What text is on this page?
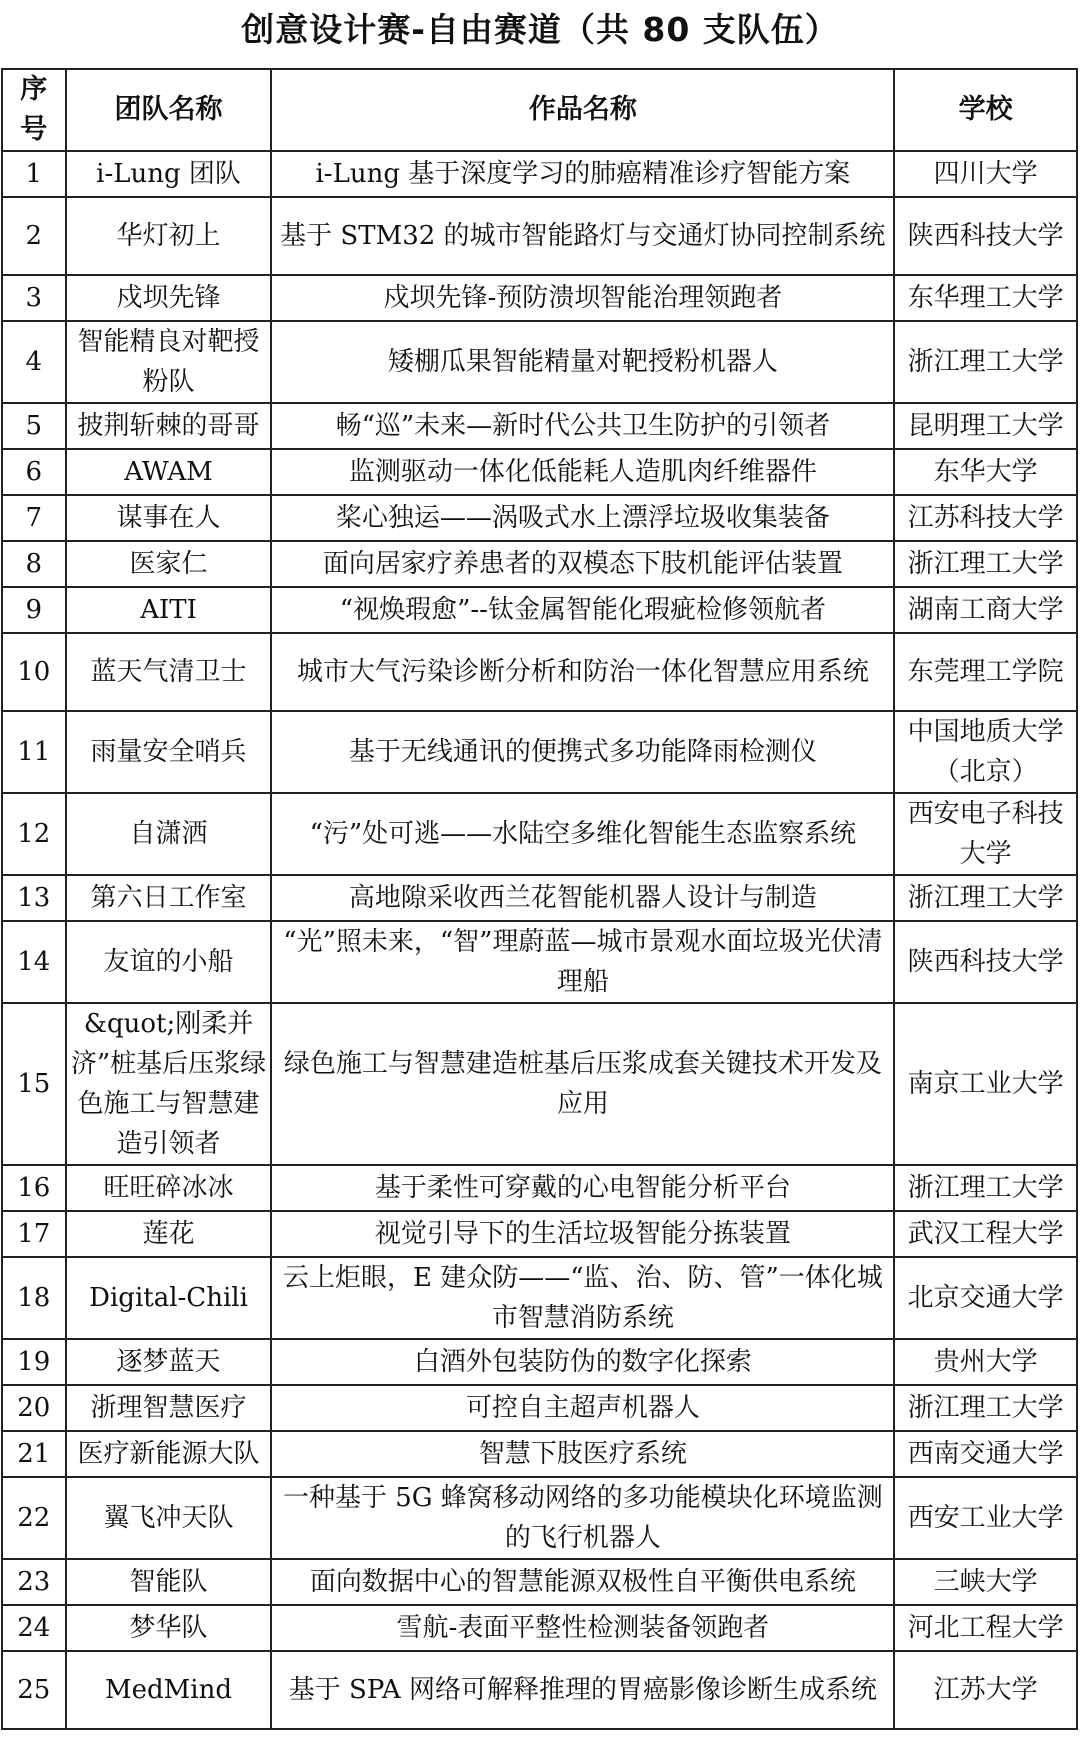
创意设计赛-自由赛道（共 80 支队伍）
序号	团队名称	作品名称	学校
1	i-Lung 团队	i-Lung 基于深度学习的肺癌精准诊疗智能方案	四川大学
2	华灯初上	基于 STM32 的城市智能路灯与交通灯协同控制系统	陕西科技大学
3	戍坝先锋	戍坝先锋-预防溃坝智能治理领跑者	东华理工大学
4	智能精良对靶授粉队	矮棚瓜果智能精量对靶授粉机器人	浙江理工大学
5	披荆斩棘的哥哥	畅“巡”未来—新时代公共卫生防护的引领者	昆明理工大学
6	AWAM	监测驱动一体化低能耗人造肌肉纤维器件	东华大学
7	谋事在人	桨心独运——涡吸式水上漂浮垃圾收集装备	江苏科技大学
8	医家仁	面向居家疗养患者的双模态下肢机能评估装置	浙江理工大学
9	AITI	“视焕瑕愈”--钛金属智能化瑕疵检修领航者	湖南工商大学
10	蓝天气清卫士	城市大气污染诊断分析和防治一体化智慧应用系统	东莞理工学院
11	雨量安全哨兵	基于无线通讯的便携式多功能降雨检测仪	中国地质大学（北京）
12	自潇洒	“污”处可逃——水陆空多维化智能生态监察系统	西安电子科技大学
13	第六日工作室	高地隙采收西兰花智能机器人设计与制造	浙江理工大学
14	友谊的小船	“光”照未来，“智”理蔚蓝—城市景观水面垃圾光伏清理船	陕西科技大学
15	&quot;刚柔并济”桩基后压浆绿色施工与智慧建造引领者	绿色施工与智慧建造桩基后压浆成套关键技术开发及应用	南京工业大学
16	旺旺碎冰冰	基于柔性可穿戴的心电智能分析平台	浙江理工大学
17	莲花	视觉引导下的生活垃圾智能分拣装置	武汉工程大学
18	Digital-Chili	云上炬眼，E 建众防——“监、治、防、管”一体化城市智慧消防系统	北京交通大学
19	逐梦蓝天	白酒外包装防伪的数字化探索	贵州大学
20	浙理智慧医疗	可控自主超声机器人	浙江理工大学
21	医疗新能源大队	智慧下肢医疗系统	西南交通大学
22	翼飞冲天队	一种基于 5G 蜂窝移动网络的多功能模块化环境监测的飞行机器人	西安工业大学
23	智能队	面向数据中心的智慧能源双极性自平衡供电系统	三峡大学
24	梦华队	雪航-表面平整性检测装备领跑者	河北工程大学
25	MedMind	基于 SPA 网络可解释推理的胃癌影像诊断生成系统	江苏大学
